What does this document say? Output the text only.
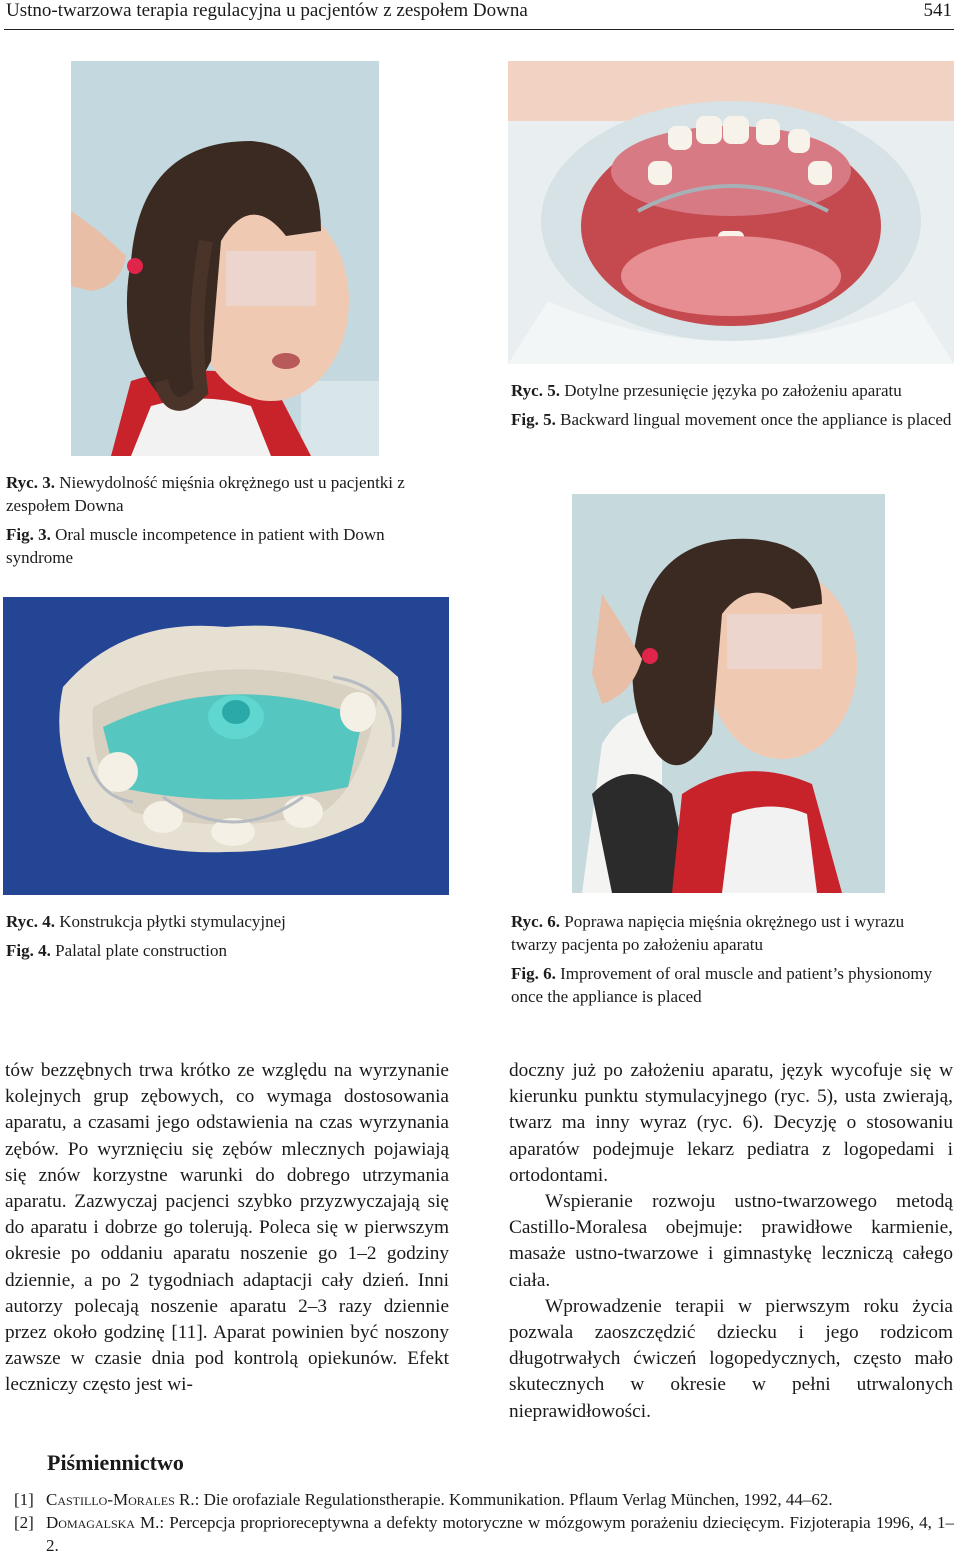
Ustno-twarzowa terapia regulacyjna u pacjentów z zespołem Downa	541

Ryc. 3. Niewydolność mięśnia okrężnego ust u pacjentki z zespołem Downa

Fig. 3. Oral muscle incompetence in patient with Down syndrome

Ryc. 5. Dotylne przesunięcie języka po założeniu aparatu

Fig. 5. Backward lingual movement once the appliance is placed

Ryc. 4. Konstrukcja płytki stymulacyjnej

Fig. 4. Palatal plate construction

Ryc. 6. Poprawa napięcia mięśnia okrężnego ust i wyrazu twarzy pacjenta po założeniu aparatu

Fig. 6. Improvement of oral muscle and patient’s physionomy once the appliance is placed

tów bezzębnych trwa krótko ze względu na wyrzynanie kolejnych grup zębowych, co wymaga dostosowania aparatu, a czasami jego odstawienia na czas wyrzynania zębów. Po wyrznięciu się zębów mlecznych pojawiają się znów korzystne warunki do dobrego utrzymania aparatu. Zazwyczaj pacjenci szybko przyzwyczajają się do aparatu i dobrze go tolerują. Poleca się w pierwszym okresie po oddaniu aparatu noszenie go 1–2 godziny dziennie, a po 2 tygodniach adaptacji cały dzień. Inni autorzy polecają noszenie aparatu 2–3 razy dziennie przez około godzinę [11]. Aparat powinien być noszony zawsze w czasie dnia pod kontrolą opiekunów. Efekt leczniczy często jest wi-

doczny już po założeniu aparatu, język wycofuje się w kierunku punktu stymulacyjnego (ryc. 5), usta zwierają, twarz ma inny wyraz (ryc. 6). Decyzję o stosowaniu aparatów podejmuje lekarz pediatra z logopedami i ortodontami.

Wspieranie rozwoju ustno-twarzowego metodą Castillo-Moralesa obejmuje: prawidłowe karmienie, masaże ustno-twarzowe i gimnastykę leczniczą całego ciała.

Wprowadzenie terapii w pierwszym roku życia pozwala zaoszczędzić dziecku i jego rodzicom długotrwałych ćwiczeń logopedycznych, często mało skutecznych w okresie w pełni utrwalonych nieprawidłowości.

Piśmiennictwo
[1] Castillo-Morales R.: Die orofaziale Regulationstherapie. Kommunikation. Pflaum Verlag München, 1992, 44–62.
[2] Domagalska M.: Percepcja proprioreceptywna a defekty motoryczne w mózgowym porażeniu dziecięcym. Fizjoterapia 1996, 4, 1–2.
